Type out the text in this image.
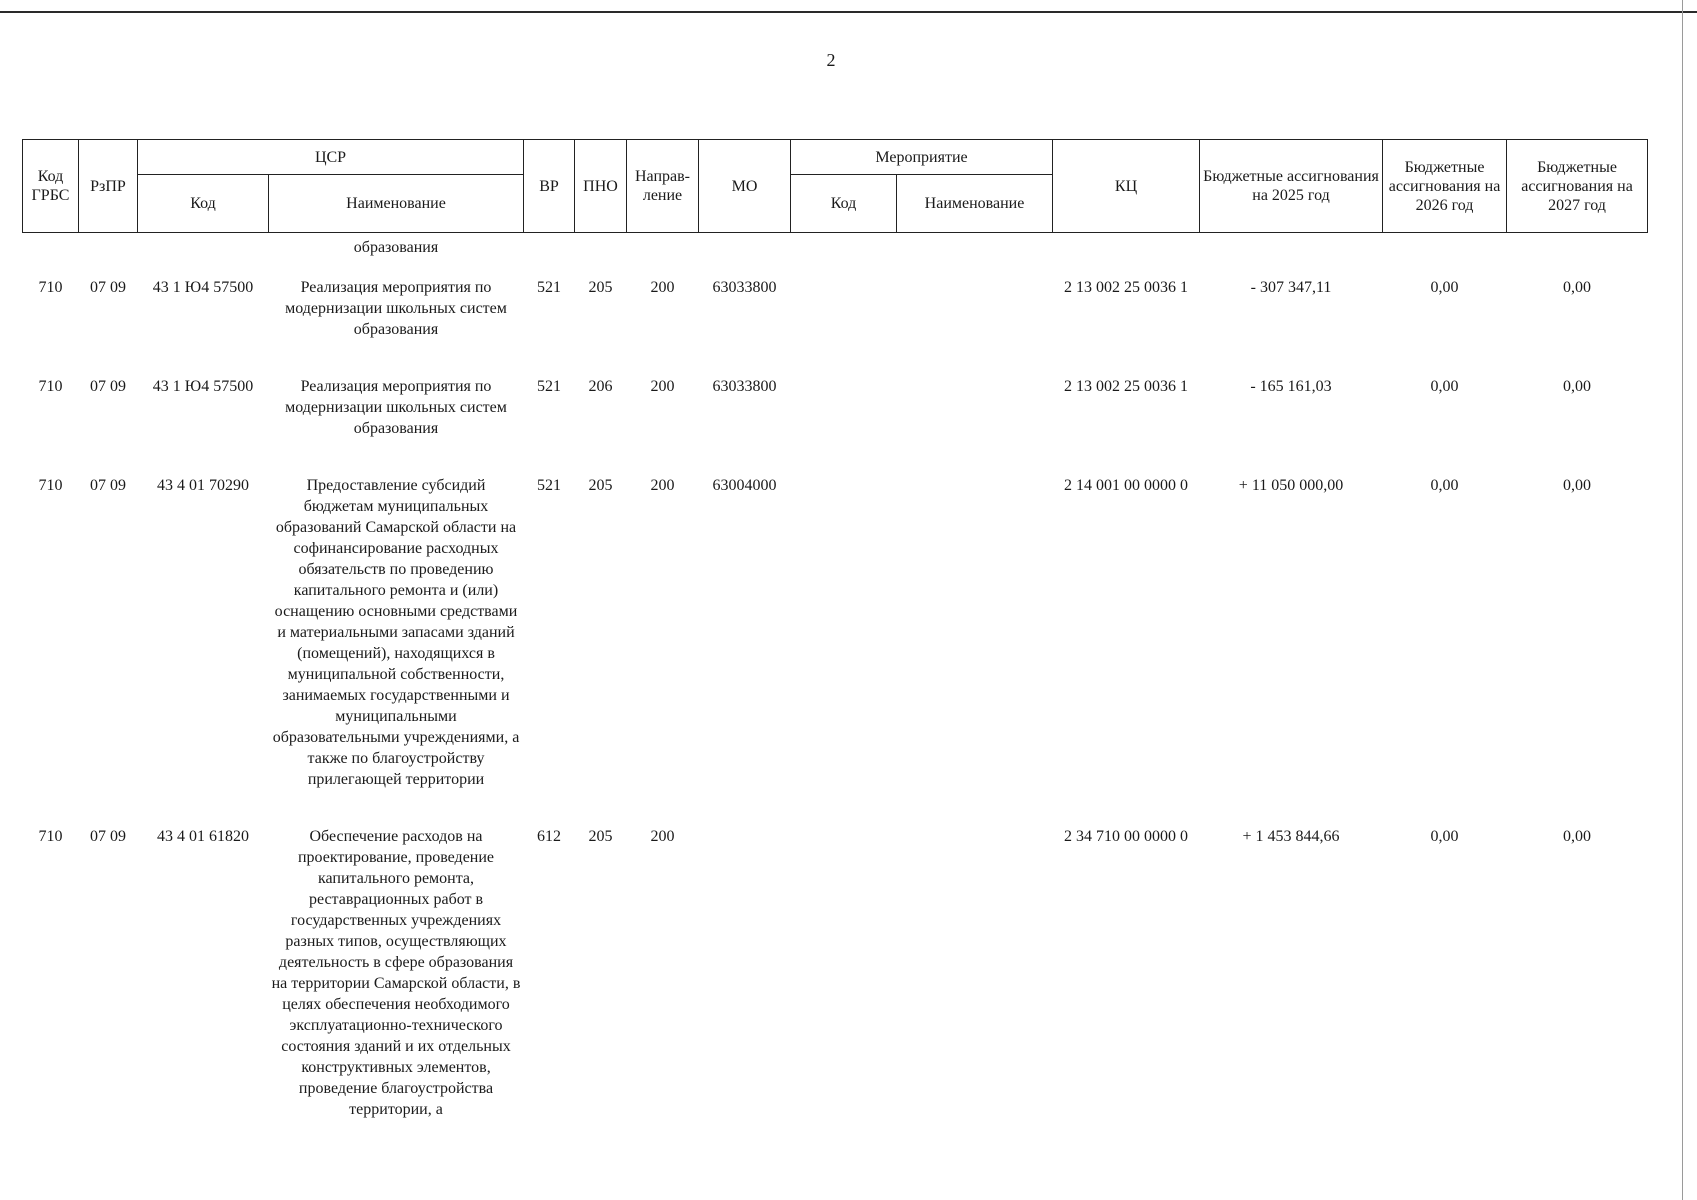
2
Код ГРБС	РзПР	ЦСР		ВР	ПНО	Направ-ление	МО	Мероприятие		КЦ	Бюджетные ассигнования на 2025 год	Бюджетные ассигнования на 2026 год	Бюджетные ассигнования на 2027 год
		Код	Наименование					Код	Наименование				
			образования										
710	07 09	43 1 Ю4 57500	Реализация мероприятия по модернизации школьных систем образования	521	205	200	63033800			2 13 002 25 0036 1	- 307 347,11	0,00	0,00
710	07 09	43 1 Ю4 57500	Реализация мероприятия по модернизации школьных систем образования	521	206	200	63033800			2 13 002 25 0036 1	- 165 161,03	0,00	0,00
710	07 09	43 4 01 70290	Предоставление субсидий бюджетам муниципальных образований Самарской области на софинансирование расходных обязательств по проведению капитального ремонта и (или) оснащению основными средствами и материальными запасами зданий (помещений), находящихся в муниципальной собственности, занимаемых государственными и муниципальными образовательными учреждениями, а также по благоустройству прилегающей территории	521	205	200	63004000			2 14 001 00 0000 0	+ 11 050 000,00	0,00	0,00
710	07 09	43 4 01 61820	Обеспечение расходов на проектирование, проведение капитального ремонта, реставрационных работ в государственных учреждениях разных типов, осуществляющих деятельность в сфере образования на территории Самарской области, в целях обеспечения необходимого эксплуатационно-технического состояния зданий и их отдельных конструктивных элементов, проведение благоустройства территории, а	612	205	200				2 34 710 00 0000 0	+ 1 453 844,66	0,00	0,00
